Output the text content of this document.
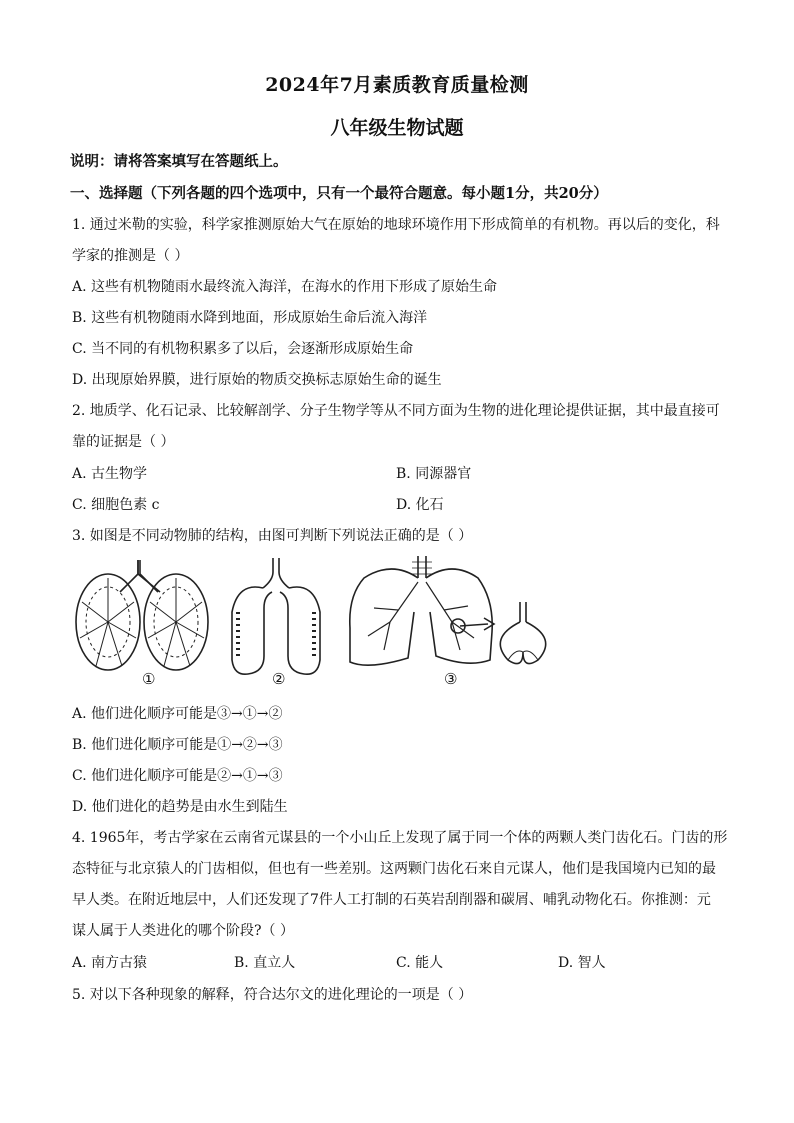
2024年7月素质教育质量检测
八年级生物试题
说明：请将答案填写在答题纸上。
一、选择题（下列各题的四个选项中，只有一个最符合题意。每小题1分，共20分）
1. 通过米勒的实验，科学家推测原始大气在原始的地球环境作用下形成简单的有机物。再以后的变化，科
学家的推测是（ ）
A. 这些有机物随雨水最终流入海洋，在海水的作用下形成了原始生命
B. 这些有机物随雨水降到地面，形成原始生命后流入海洋
C. 当不同的有机物积累多了以后，会逐渐形成原始生命
D. 出现原始界膜，进行原始的物质交换标志原始生命的诞生
2. 地质学、化石记录、比较解剖学、分子生物学等从不同方面为生物的进化理论提供证据，其中最直接可
靠的证据是（ ）
A. 古生物学	B. 同源器官
C. 细胞色素 c	D. 化石
3. 如图是不同动物肺的结构，由图可判断下列说法正确的是（ ）
①	②	③
A. 他们进化顺序可能是③→①→②
B. 他们进化顺序可能是①→②→③
C. 他们进化顺序可能是②→①→③
D. 他们进化的趋势是由水生到陆生
4. 1965年，考古学家在云南省元谋县的一个小山丘上发现了属于同一个体的两颗人类门齿化石。门齿的形
态特征与北京猿人的门齿相似，但也有一些差别。这两颗门齿化石来自元谋人，他们是我国境内已知的最
早人类。在附近地层中，人们还发现了7件人工打制的石英岩刮削器和碳屑、哺乳动物化石。你推测：元
谋人属于人类进化的哪个阶段?（ ）
A. 南方古猿	B. 直立人	C. 能人	D. 智人
5. 对以下各种现象的解释，符合达尔文的进化理论的一项是（ ）
